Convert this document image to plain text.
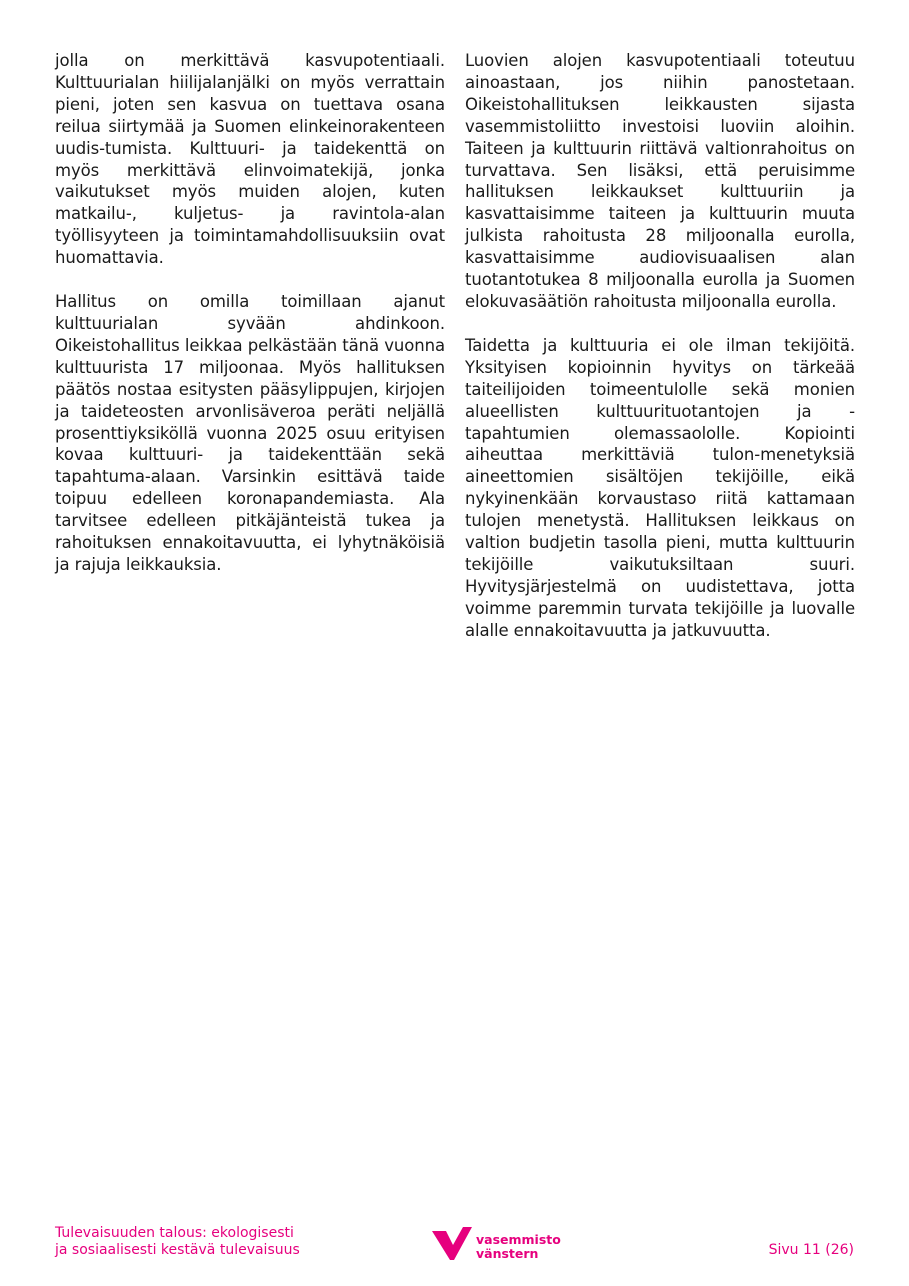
jolla on merkittävä kasvupotentiaali. Kulttuurialan hiilijalanjälki on myös verrattain pieni, joten sen kasvua on tuettava osana reilua siirtymää ja Suomen elinkeinorakenteen uudis-tumista. Kulttuuri- ja taidekenttä on myös merkittävä elinvoimatekijä, jonka vaikutukset myös muiden alojen, kuten matkailu-, kuljetus- ja ravintola-alan työllisyyteen ja toimintamahdollisuuksiin ovat huomattavia.

Hallitus on omilla toimillaan ajanut kulttuurialan syvään ahdinkoon. Oikeistohallitus leikkaa pelkästään tänä vuonna kulttuurista 17 miljoonaa. Myös hallituksen päätös nostaa esitysten pääsylippujen, kirjojen ja taideteosten arvonlisäveroa peräti neljällä prosenttiyksiköllä vuonna 2025 osuu erityisen kovaa kulttuuri- ja taidekenttään sekä tapahtuma-alaan. Varsinkin esittävä taide toipuu edelleen koronapandemiasta. Ala tarvitsee edelleen pitkäjänteistä tukea ja rahoituksen ennakoitavuutta, ei lyhytnäköisiä ja rajuja leikkauksia.

Luovien alojen kasvupotentiaali toteutuu ainoastaan, jos niihin panostetaan. Oikeistohallituksen leikkausten sijasta vasemmistoliitto investoisi luoviin aloihin. Taiteen ja kulttuurin riittävä valtionrahoitus on turvattava. Sen lisäksi, että peruisimme hallituksen leikkaukset kulttuuriin ja kasvattaisimme taiteen ja kulttuurin muuta julkista rahoitusta 28 miljoonalla eurolla, kasvattaisimme audiovisuaalisen alan tuotantotukea 8 miljoonalla eurolla ja Suomen elokuvasäätiön rahoitusta miljoonalla eurolla.

Taidetta ja kulttuuria ei ole ilman tekijöitä. Yksityisen kopioinnin hyvitys on tärkeää taiteilijoiden toimeentulolle sekä monien alueellisten kulttuurituotantojen ja -tapahtumien olemassaololle. Kopiointi aiheuttaa merkittäviä tulon-menetyksiä aineettomien sisältöjen tekijöille, eikä nykyinenkään korvaustaso riitä kattamaan tulojen menetystä. Hallituksen leikkaus on valtion budjetin tasolla pieni, mutta kulttuurin tekijöille vaikutuksiltaan suuri. Hyvitysjärjestelmä on uudistettava, jotta voimme paremmin turvata tekijöille ja luovalle alalle ennakoitavuutta ja jatkuvuutta.

Tulevaisuuden talous: ekologisesti
ja sosiaalisesti kestävä tulevaisuus
vasemmisto
vänstern	Sivu 11 (26)
